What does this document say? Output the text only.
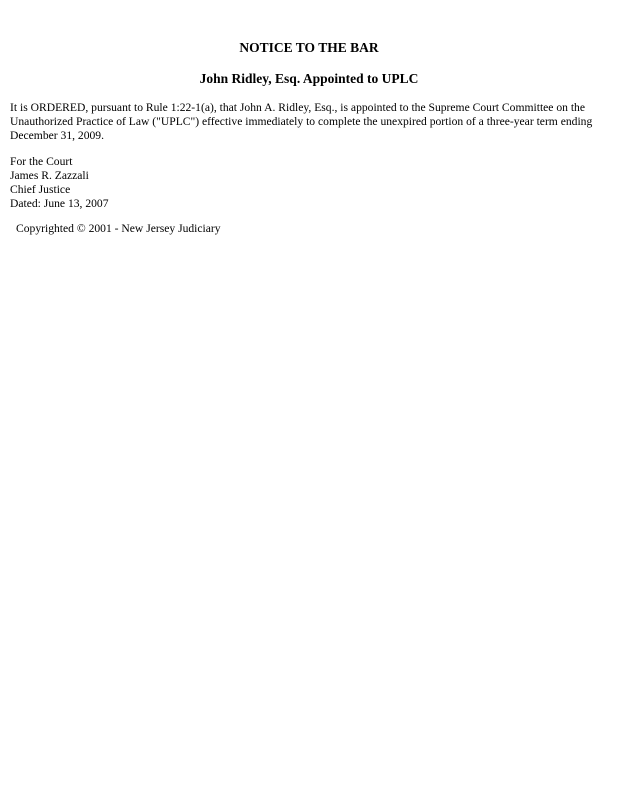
NOTICE TO THE BAR
John Ridley, Esq. Appointed to UPLC

It is ORDERED, pursuant to Rule 1:22-1(a), that John A. Ridley, Esq., is appointed to the Supreme Court Committee on the Unauthorized Practice of Law ("UPLC") effective immediately to complete the unexpired portion of a three-year term ending December 31, 2009.

For the Court
James R. Zazzali
Chief Justice
Dated: June 13, 2007
Copyrighted © 2001 - New Jersey Judiciary
